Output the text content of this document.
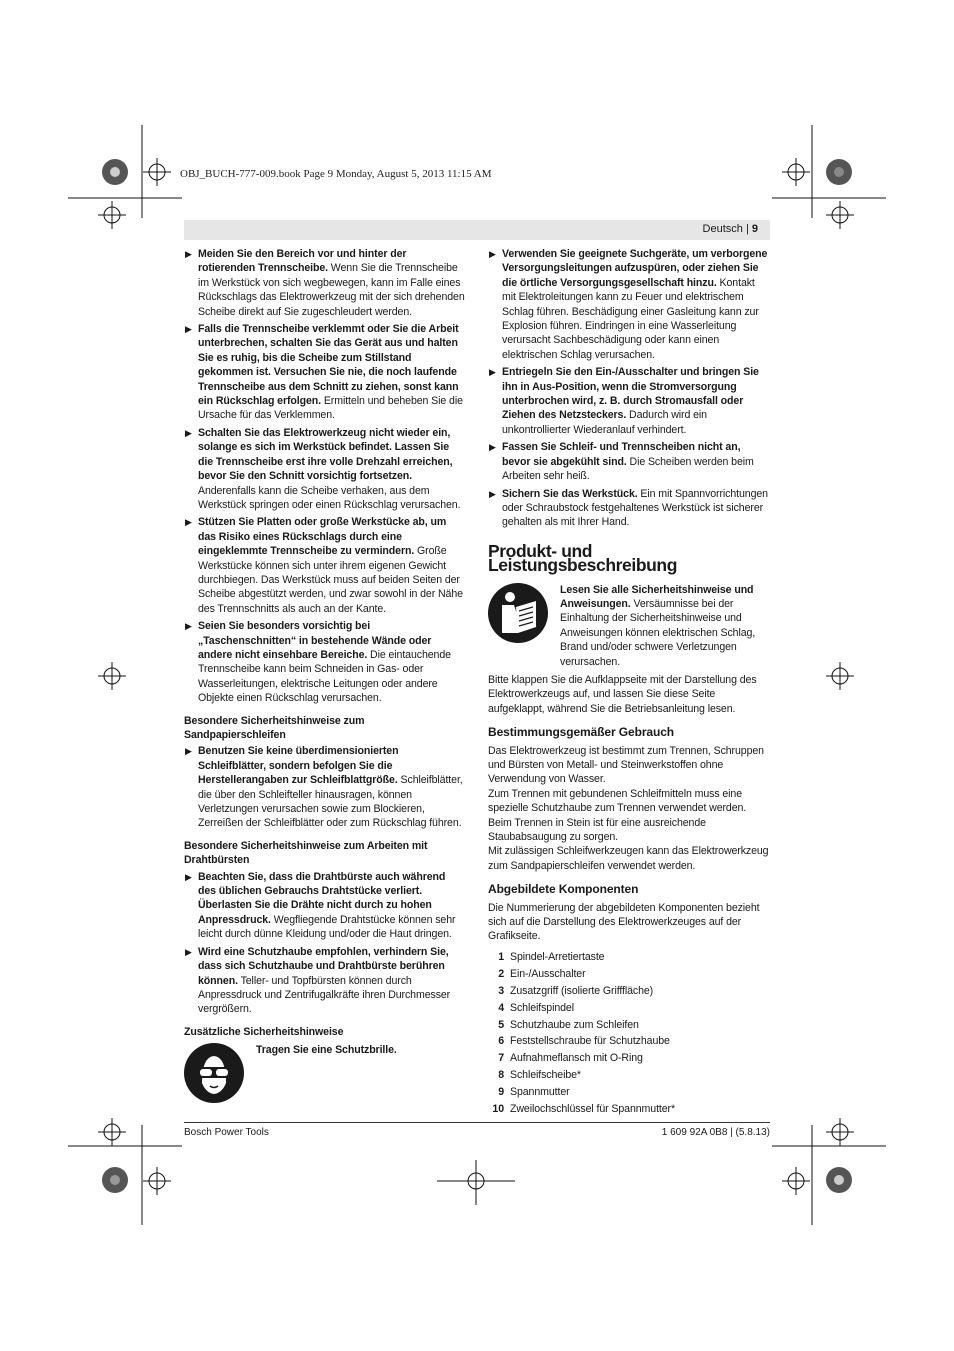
OBJ_BUCH-777-009.book Page 9 Monday, August 5, 2013 11:15 AM
Deutsch | 9
▶ Meiden Sie den Bereich vor und hinter der rotierenden Trennscheibe. Wenn Sie die Trennscheibe im Werkstück von sich wegbewegen, kann im Falle eines Rückschlags das Elektrowerkzeug mit der sich drehenden Scheibe direkt auf Sie zugeschleudert werden.
▶ Falls die Trennscheibe verklemmt oder Sie die Arbeit unterbrechen, schalten Sie das Gerät aus und halten Sie es ruhig, bis die Scheibe zum Stillstand gekommen ist. Versuchen Sie nie, die noch laufende Trennscheibe aus dem Schnitt zu ziehen, sonst kann ein Rückschlag erfolgen. Ermitteln und beheben Sie die Ursache für das Verklemmen.
▶ Schalten Sie das Elektrowerkzeug nicht wieder ein, solange es sich im Werkstück befindet. Lassen Sie die Trennscheibe erst ihre volle Drehzahl erreichen, bevor Sie den Schnitt vorsichtig fortsetzen. Anderenfalls kann die Scheibe verhaken, aus dem Werkstück springen oder einen Rückschlag verursachen.
▶ Stützen Sie Platten oder große Werkstücke ab, um das Risiko eines Rückschlags durch eine eingeklemmte Trennscheibe zu vermindern. Große Werkstücke können sich unter ihrem eigenen Gewicht durchbiegen. Das Werkstück muss auf beiden Seiten der Scheibe abgestützt werden, und zwar sowohl in der Nähe des Trennschnitts als auch an der Kante.
▶ Seien Sie besonders vorsichtig bei „Taschenschnitten“ in bestehende Wände oder andere nicht einsehbare Bereiche. Die eintauchende Trennscheibe kann beim Schneiden in Gas- oder Wasserleitungen, elektrische Leitungen oder andere Objekte einen Rückschlag verursachen.
Besondere Sicherheitshinweise zum Sandpapierschleifen
▶ Benutzen Sie keine überdimensionierten Schleifblätter, sondern befolgen Sie die Herstellerangaben zur Schleifblattgröße. Schleifblätter, die über den Schleifteller hinausragen, können Verletzungen verursachen sowie zum Blockieren, Zerreißen der Schleifblätter oder zum Rückschlag führen.
Besondere Sicherheitshinweise zum Arbeiten mit Drahtbürsten
▶ Beachten Sie, dass die Drahtbürste auch während des üblichen Gebrauchs Drahtstücke verliert. Überlasten Sie die Drähte nicht durch zu hohen Anpressdruck. Wegfliegende Drahtstücke können sehr leicht durch dünne Kleidung und/oder die Haut dringen.
▶ Wird eine Schutzhaube empfohlen, verhindern Sie, dass sich Schutzhaube und Drahtbürste berühren können. Teller- und Topfbürsten können durch Anpressdruck und Zentrifugalkräfte ihren Durchmesser vergrößern.
Zusätzliche Sicherheitshinweise
Tragen Sie eine Schutzbrille.
▶ Verwenden Sie geeignete Suchgeräte, um verborgene Versorgungsleitungen aufzuspüren, oder ziehen Sie die örtliche Versorgungsgesellschaft hinzu. Kontakt mit Elektroleitungen kann zu Feuer und elektrischem Schlag führen. Beschädigung einer Gasleitung kann zur Explosion führen. Eindringen in eine Wasserleitung verursacht Sachbeschädigung oder kann einen elektrischen Schlag verursachen.
▶ Entriegeln Sie den Ein-/Ausschalter und bringen Sie ihn in Aus-Position, wenn die Stromversorgung unterbrochen wird, z. B. durch Stromausfall oder Ziehen des Netzsteckers. Dadurch wird ein unkontrollierter Wiederanlauf verhindert.
▶ Fassen Sie Schleif- und Trennscheiben nicht an, bevor sie abgekühlt sind. Die Scheiben werden beim Arbeiten sehr heiß.
▶ Sichern Sie das Werkstück. Ein mit Spannvorrichtungen oder Schraubstock festgehaltenes Werkstück ist sicherer gehalten als mit Ihrer Hand.
Produkt- und Leistungsbeschreibung
Lesen Sie alle Sicherheitshinweise und Anweisungen. Versäumnisse bei der Einhaltung der Sicherheitshinweise und Anweisungen können elektrischen Schlag, Brand und/oder schwere Verletzungen verursachen.

Bitte klappen Sie die Aufklappseite mit der Darstellung des Elektrowerkzeugs auf, und lassen Sie diese Seite aufgeklappt, während Sie die Betriebsanleitung lesen.

Bestimmungsgemäßer Gebrauch

Das Elektrowerkzeug ist bestimmt zum Trennen, Schruppen und Bürsten von Metall- und Steinwerkstoffen ohne Verwendung von Wasser.

Zum Trennen mit gebundenen Schleifmitteln muss eine spezielle Schutzhaube zum Trennen verwendet werden.

Beim Trennen in Stein ist für eine ausreichende Staubabsaugung zu sorgen.

Mit zulässigen Schleifwerkzeugen kann das Elektrowerkzeug zum Sandpapierschleifen verwendet werden.

Abgebildete Komponenten

Die Nummerierung der abgebildeten Komponenten bezieht sich auf die Darstellung des Elektrowerkzeuges auf der Grafikseite.

1 Spindel-Arretiertaste
2 Ein-/Ausschalter
3 Zusatzgriff (isolierte Grifffläche)
4 Schleifspindel
5 Schutzhaube zum Schleifen
6 Feststellschraube für Schutzhaube
7 Aufnahmeflansch mit O-Ring
8 Schleifscheibe*
9 Spannmutter
10 Zweilochschlüssel für Spannmutter*
Bosch Power Tools	1 609 92A 0B8 | (5.8.13)
